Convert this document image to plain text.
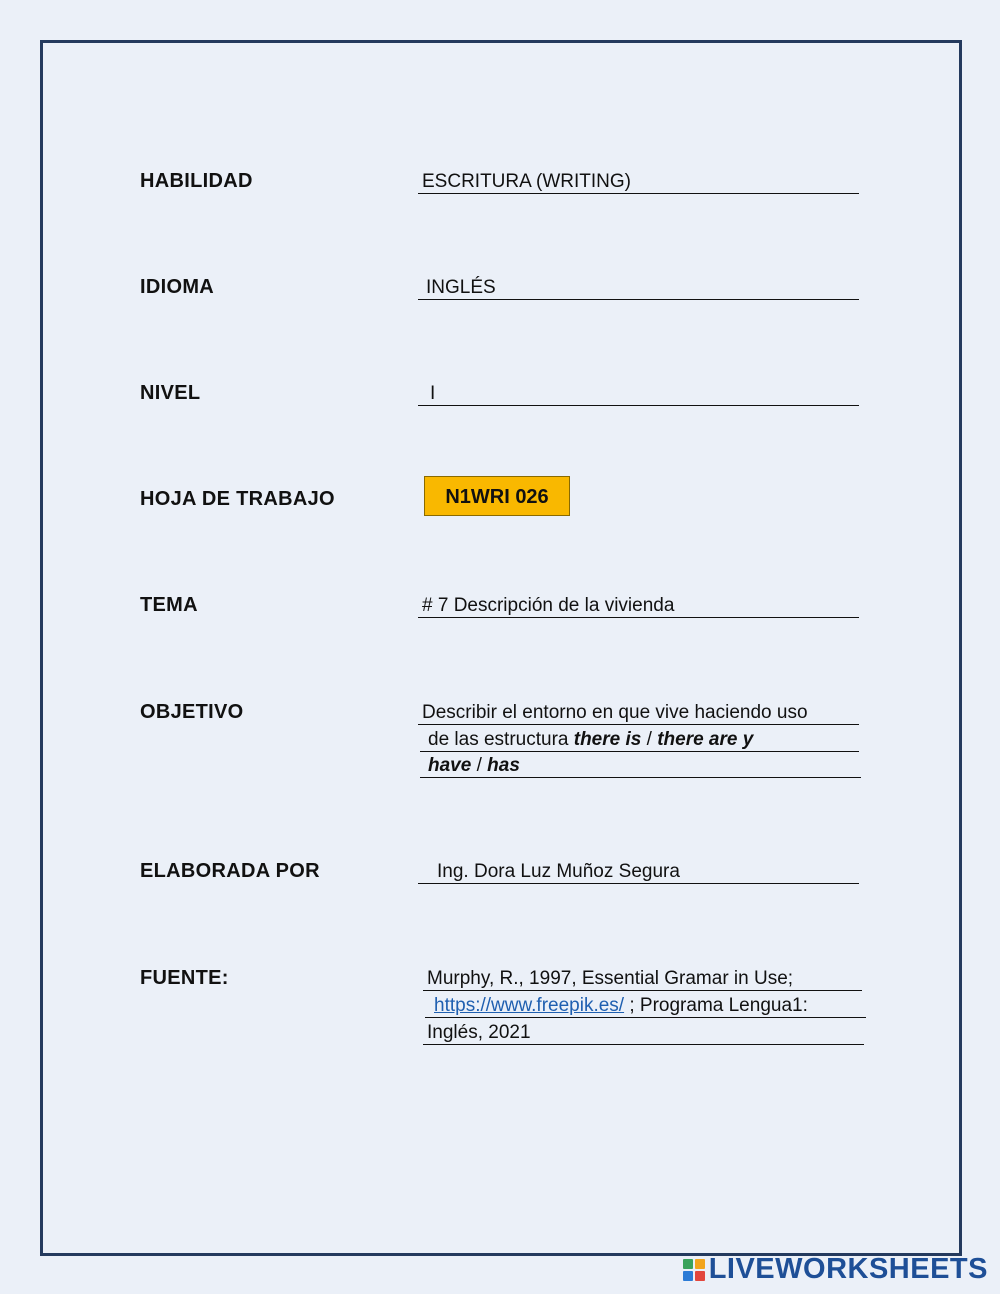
HABILIDAD	ESCRITURA (WRITING)
IDIOMA	INGLÉS
NIVEL	I
HOJA DE TRABAJO	N1WRI 026
TEMA	# 7 Descripción de la vivienda
OBJETIVO	Describir el entorno en que vive haciendo uso
de las estructura there is / there are y
have / has
ELABORADA POR	Ing. Dora Luz Muñoz Segura
FUENTE:	Murphy, R., 1997, Essential Gramar in Use;
https://www.freepik.es/ ; Programa Lengua1:
Inglés, 2021
LIVEWORKSHEETS
